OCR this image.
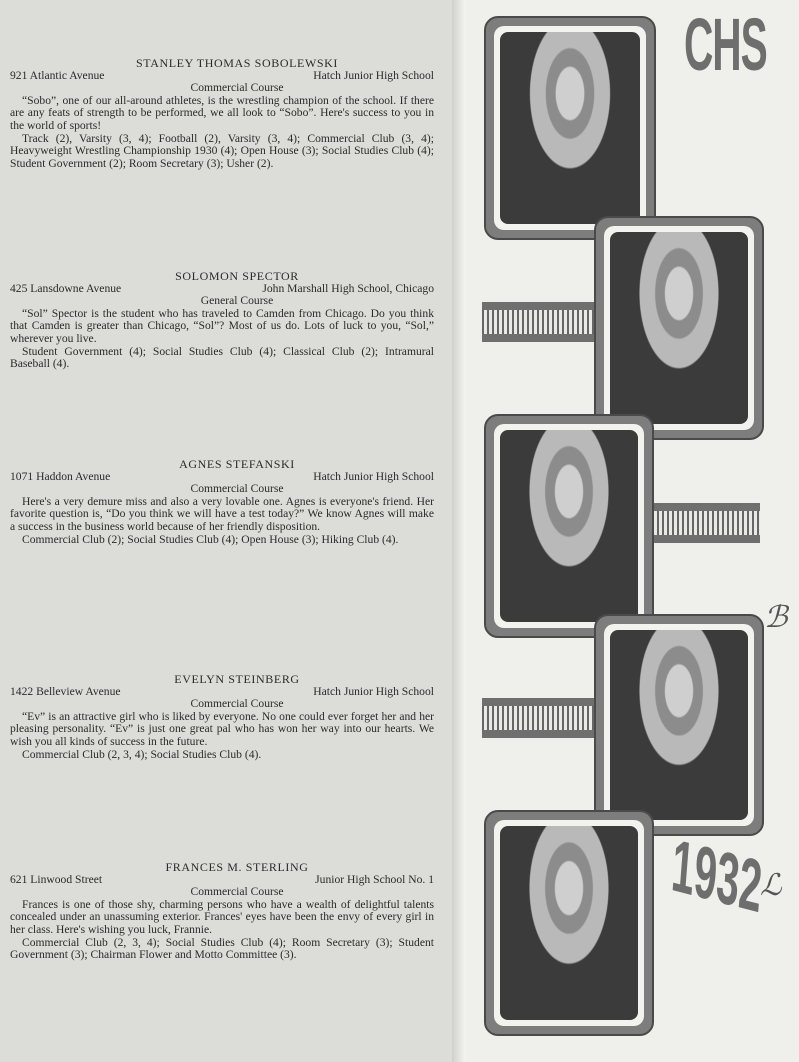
STANLEY THOMAS SOBOLEWSKI
921 Atlantic Avenue	Hatch Junior High School
Commercial Course
“Sobo”, one of our all-around athletes, is the wrestling champion of the school. If there are any feats of strength to be performed, we all look to “Sobo”. Here's success to you in the world of sports!
Track (2), Varsity (3, 4); Football (2), Varsity (3, 4); Commercial Club (3, 4); Heavyweight Wrestling Championship 1930 (4); Open House (3); Social Studies Club (4); Student Government (2); Room Secretary (3); Usher (2).
SOLOMON SPECTOR
425 Lansdowne Avenue	John Marshall High School, Chicago
General Course
“Sol” Spector is the student who has traveled to Camden from Chicago. Do you think that Camden is greater than Chicago, “Sol”? Most of us do. Lots of luck to you, “Sol,” wherever you live.
Student Government (4); Social Studies Club (4); Classical Club (2); Intramural Baseball (4).
AGNES STEFANSKI
1071 Haddon Avenue	Hatch Junior High School
Commercial Course
Here's a very demure miss and also a very lovable one. Agnes is everyone's friend. Her favorite question is, “Do you think we will have a test today?” We know Agnes will make a success in the business world because of her friendly disposition.
Commercial Club (2); Social Studies Club (4); Open House (3); Hiking Club (4).
EVELYN STEINBERG
1422 Belleview Avenue	Hatch Junior High School
Commercial Course
“Ev” is an attractive girl who is liked by everyone. No one could ever forget her and her pleasing personality. “Ev” is just one great pal who has won her way into our hearts. We wish you all kinds of success in the future.
Commercial Club (2, 3, 4); Social Studies Club (4).
FRANCES M. STERLING
621 Linwood Street	Junior High School No. 1
Commercial Course
Frances is one of those shy, charming persons who have a wealth of delightful talents concealed under an unassuming exterior. Frances' eyes have been the envy of every girl in her class. Here's wishing you luck, Frannie.
Commercial Club (2, 3, 4); Social Studies Club (4); Room Secretary (3); Student Government (3); Chairman Flower and Motto Committee (3).
CHS
ℬ
ℒ
